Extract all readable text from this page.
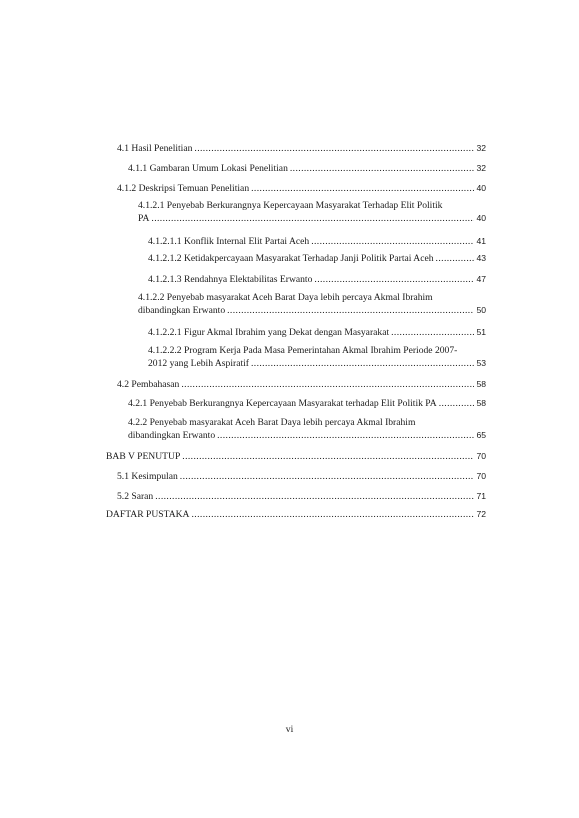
4.1 Hasil Penelitian .....	32
4.1.1 Gambaran Umum Lokasi Penelitian .....	32
4.1.2 Deskripsi Temuan Penelitian .....	40
4.1.2.1 Penyebab Berkurangnya Kepercayaan Masyarakat Terhadap Elit Politik
PA .....	40
4.1.2.1.1 Konflik Internal Elit Partai Aceh .....	41
4.1.2.1.2 Ketidakpercayaan Masyarakat Terhadap Janji Politik Partai Aceh .....	43
4.1.2.1.3 Rendahnya Elektabilitas Erwanto .....	47
4.1.2.2 Penyebab masyarakat Aceh Barat Daya lebih percaya Akmal Ibrahim
dibandingkan Erwanto .....	50
4.1.2.2.1 Figur Akmal Ibrahim yang Dekat dengan Masyarakat .....	51
4.1.2.2.2 Program Kerja Pada Masa Pemerintahan Akmal Ibrahim Periode 2007-
2012 yang Lebih Aspiratif .....	53
4.2 Pembahasan .....	58
4.2.1 Penyebab Berkurangnya Kepercayaan Masyarakat terhadap Elit Politik PA .....	58
4.2.2 Penyebab masyarakat Aceh Barat Daya lebih percaya Akmal Ibrahim
dibandingkan Erwanto .....	65
BAB V PENUTUP .....	70
5.1 Kesimpulan .....	70
5.2 Saran .....	71
DAFTAR PUSTAKA .....	72
vi
